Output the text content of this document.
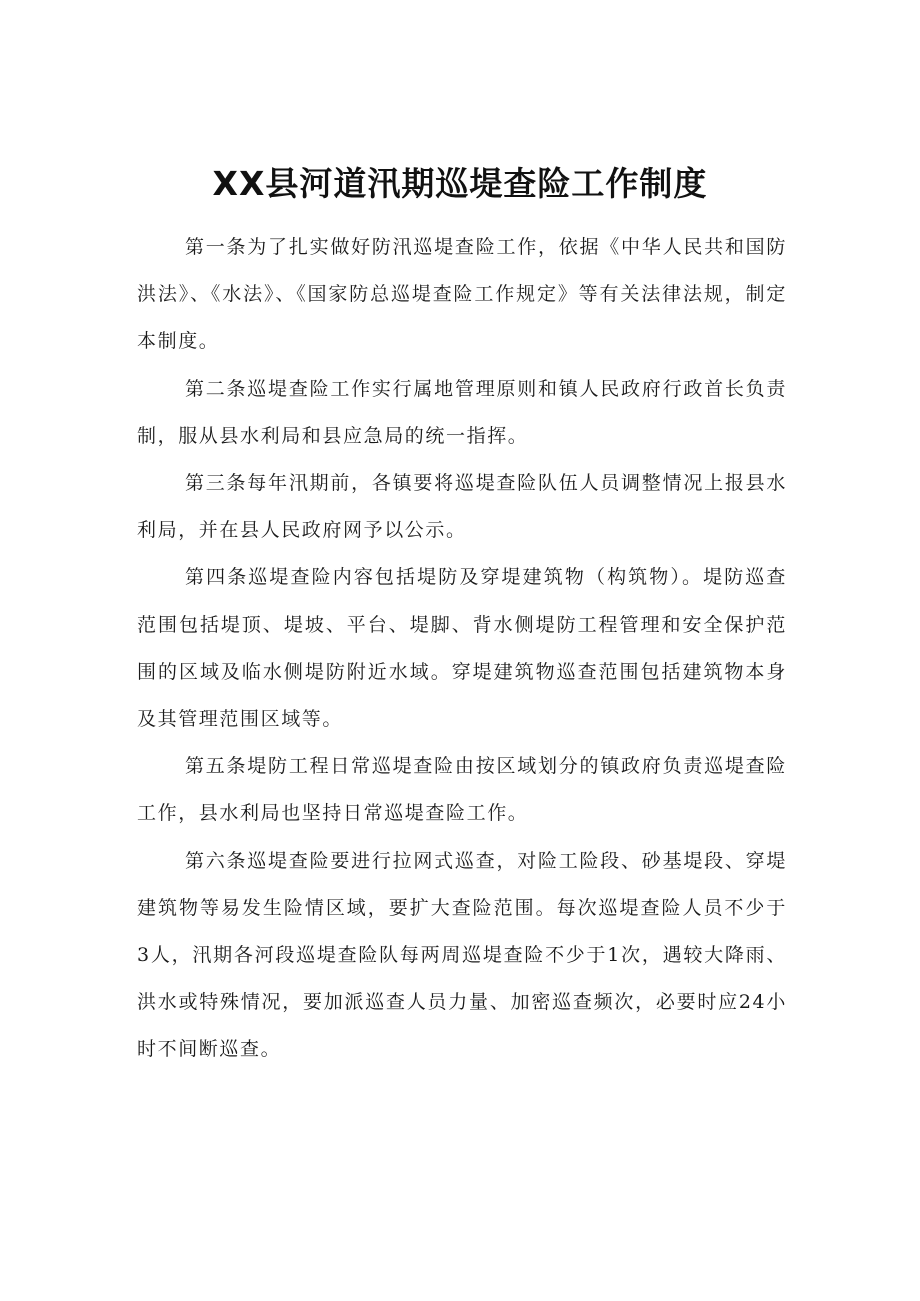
XX县河道汛期巡堤查险工作制度

第一条为了扎实做好防汛巡堤查险工作，依据《中华人民共和国防洪法》、《水法》、《国家防总巡堤查险工作规定》等有关法律法规，制定本制度。

第二条巡堤查险工作实行属地管理原则和镇人民政府行政首长负责制，服从县水利局和县应急局的统一指挥。

第三条每年汛期前，各镇要将巡堤查险队伍人员调整情况上报县水利局，并在县人民政府网予以公示。

第四条巡堤查险内容包括堤防及穿堤建筑物（构筑物）。堤防巡查范围包括堤顶、堤坡、平台、堤脚、背水侧堤防工程管理和安全保护范围的区域及临水侧堤防附近水域。穿堤建筑物巡查范围包括建筑物本身及其管理范围区域等。

第五条堤防工程日常巡堤查险由按区域划分的镇政府负责巡堤查险工作，县水利局也坚持日常巡堤查险工作。

第六条巡堤查险要进行拉网式巡查，对险工险段、砂基堤段、穿堤建筑物等易发生险情区域，要扩大查险范围。每次巡堤查险人员不少于3人，汛期各河段巡堤查险队每两周巡堤查险不少于1次，遇较大降雨、洪水或特殊情况，要加派巡查人员力量、加密巡查频次，必要时应24小时不间断巡查。
